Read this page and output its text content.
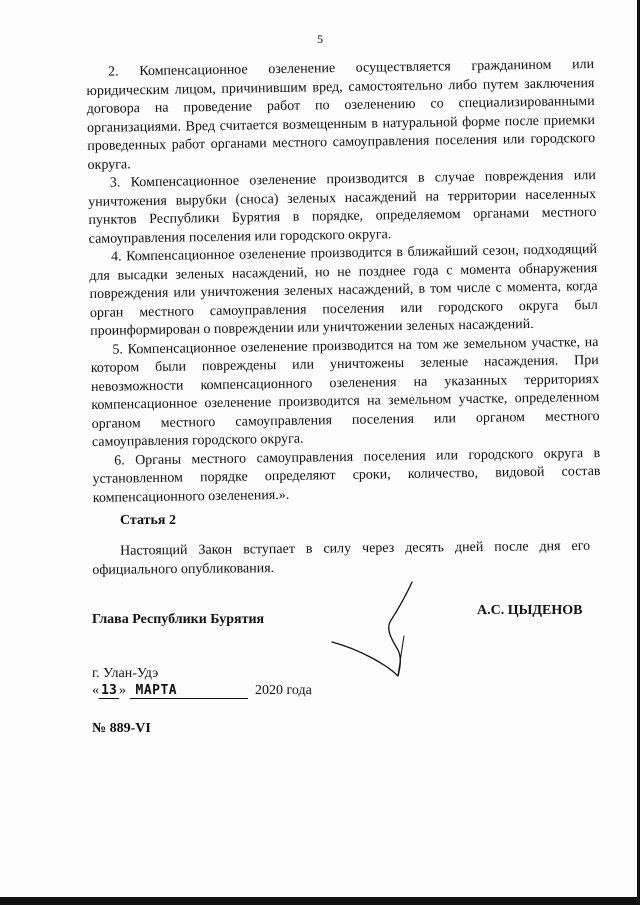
5

2. Компенсационное озеленение осуществляется гражданином или юридическим лицом, причинившим вред, самостоятельно либо путем заключения договора на проведение работ по озеленению со специализированными организациями. Вред считается возмещенным в натуральной форме после приемки проведенных работ органами местного самоуправления поселения или городского округа.

3. Компенсационное озеленение производится в случае повреждения или уничтожения вырубки (сноса) зеленых насаждений на территории населенных пунктов Республики Бурятия в порядке, определяемом органами местного самоуправления поселения или городского округа.

4. Компенсационное озеленение производится в ближайший сезон, подходящий для высадки зеленых насаждений, но не позднее года с момента обнаружения повреждения или уничтожения зеленых насаждений, в том числе с момента, когда орган местного самоуправления поселения или городского округа был проинформирован о повреждении или уничтожении зеленых насаждений.

5. Компенсационное озеленение производится на том же земельном участке, на котором были повреждены или уничтожены зеленые насаждения. При невозможности компенсационного озеленения на указанных территориях компенсационное озеленение производится на земельном участке, определенном органом местного самоуправления поселения или органом местного самоуправления городского округа.

6. Органы местного самоуправления поселения или городского округа в установленном порядке определяют сроки, количество, видовой состав компенсационного озеленения.».

Статья 2
Настоящий Закон вступает в силу через десять дней после дня его официального опубликования.
Глава Республики Бурятия
А.С. ЦЫДЕНОВ
г. Улан-Удэ
« 13 » МАРТА	2020 года
№ 889-VI
